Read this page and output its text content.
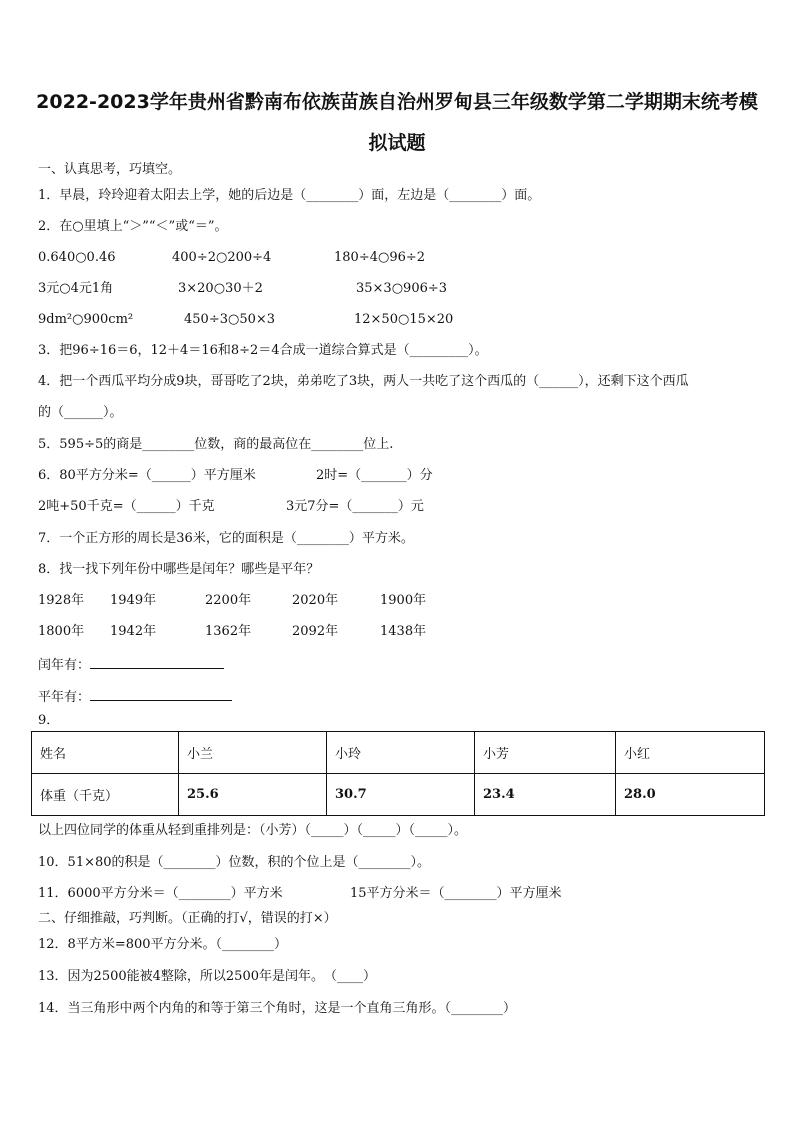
2022-2023学年贵州省黔南布依族苗族自治州罗甸县三年级数学第二学期期末统考模
拟试题
一、认真思考，巧填空。
1．早晨，玲玲迎着太阳去上学，她的后边是（________）面，左边是（________）面。
2．在○里填上“＞”“＜”或“＝”。
0.640○0.46	400÷2○200÷4	180÷4○96÷2
3元○4元1角	3×20○30＋2	35×3○906÷3
9dm²○900cm²	450÷3○50×3	12×50○15×20
3．把96÷16＝6，12＋4＝16和8÷2＝4合成一道综合算式是（_________）。
4．把一个西瓜平均分成9块，哥哥吃了2块，弟弟吃了3块，两人一共吃了这个西瓜的（______），还剩下这个西瓜
的（______）。
5．595÷5的商是________位数，商的最高位在________位上.
6．80平方分米=（______）平方厘米	2时=（_______）分
2吨+50千克=（______）千克	3元7分=（_______）元
7．一个正方形的周长是36米，它的面积是（________）平方米。
8．找一找下列年份中哪些是闰年？哪些是平年？
1928年 1949年	2200年	2020年	1900年
1800年 1942年	1362年	2092年	1438年
闰年有：
平年有：
9．
姓名	小兰	小玲	小芳	小红
体重（千克）	25.6	30.7	23.4	28.0
以上四位同学的体重从轻到重排列是：（小芳）（_____）（_____）（_____）。
10．51×80的积是（________）位数，积的个位上是（________）。
11．6000平方分米＝（________）平方米	15平方分米＝（________）平方厘米
二、仔细推敲，巧判断。（正确的打√，错误的打×）
12．8平方米=800平方分米。（________）
13．因为2500能被4整除，所以2500年是闰年。　（____）
14．当三角形中两个内角的和等于第三个角时，这是一个直角三角形。（________）
